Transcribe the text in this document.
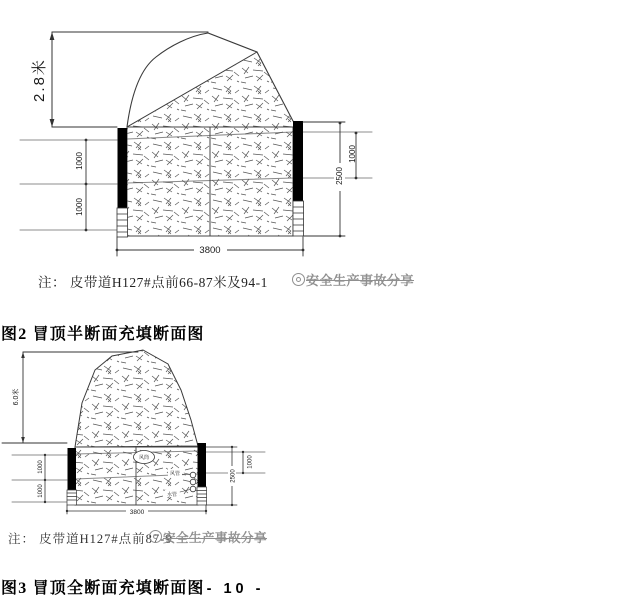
2.8米
1000
1000
2500
1000
3800
风筒
风管
水管
6.0米
1000
1000
2500
1000
3800
注： 皮带道H127#点前66-87米及94-1	安全生产事故分享
图2 冒顶半断面充填断面图
注： 皮带道H127#点前87-9
安全生产事故分享
图3 冒顶全断面充填断面图 - 10 -
